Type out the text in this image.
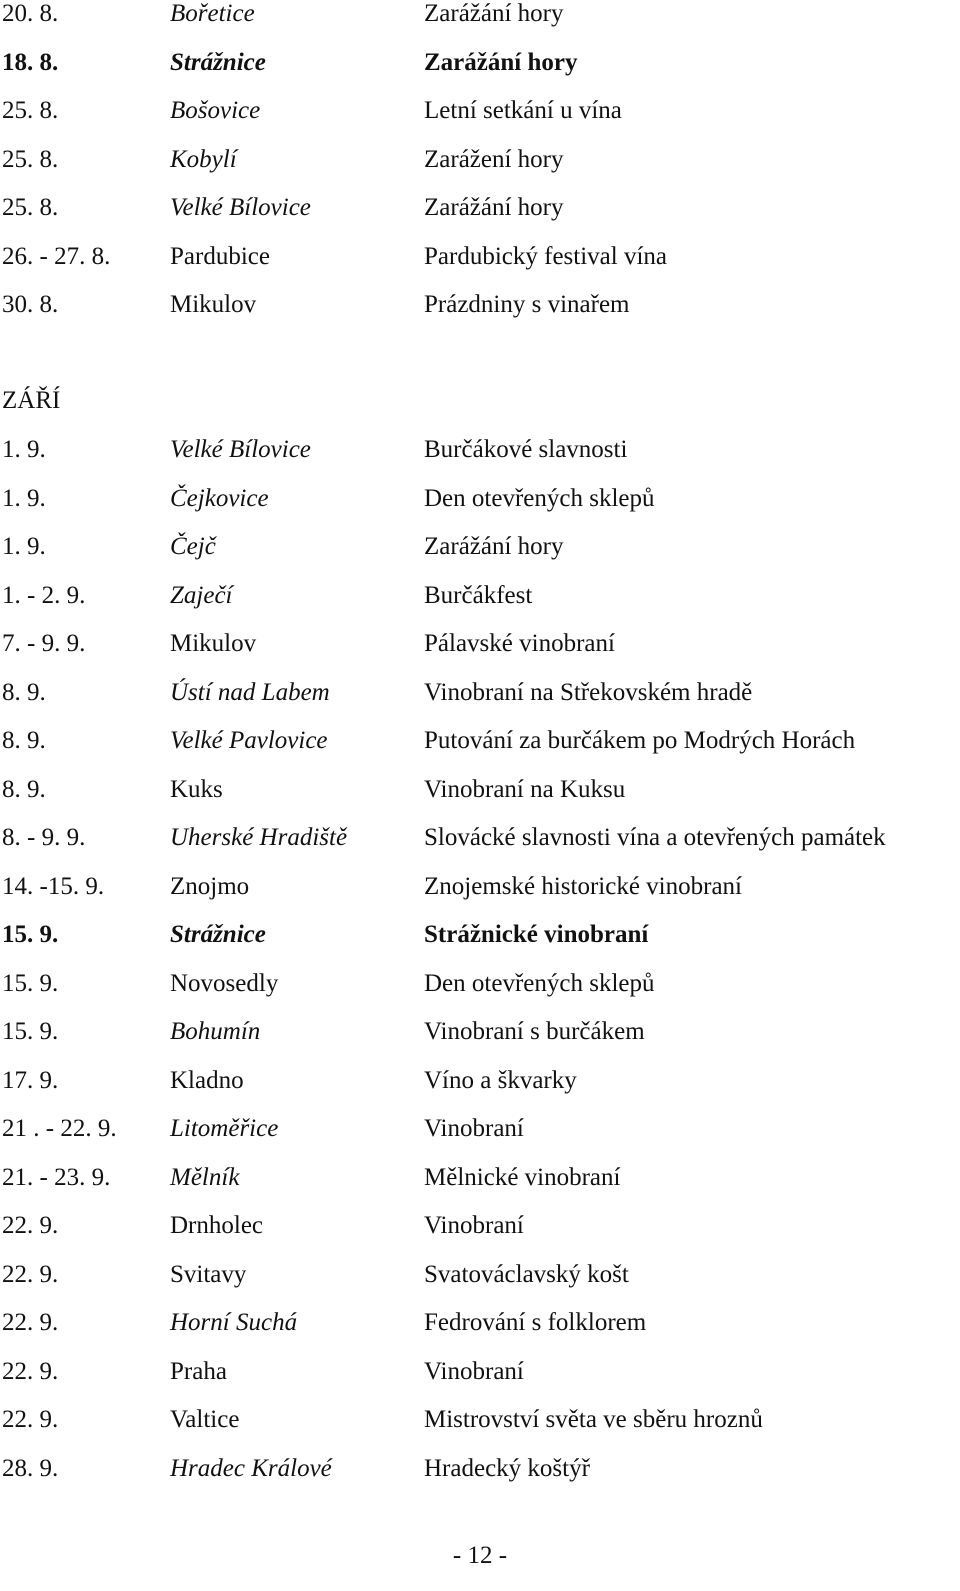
20. 8.	Bořetice	Zarážání hory
18. 8.	Strážnice	Zarážání hory
25. 8.	Bošovice	Letní setkání u vína
25. 8.	Kobylí	Zarážení hory
25. 8.	Velké Bílovice	Zarážání hory
26. - 27. 8. Pardubice	Pardubický festival vína
30. 8.	Mikulov	Prázdniny s vinařem
ZÁŘÍ
1. 9.	Velké Bílovice	Burčákové slavnosti
1. 9.	Čejkovice	Den otevřených sklepů
1. 9.	Čejč	Zarážání hory
1. - 2. 9.	Zaječí	Burčákfest
7. - 9. 9.	Mikulov	Pálavské vinobraní
8. 9.	Ústí nad Labem	Vinobraní na Střekovském hradě
8. 9.	Velké Pavlovice	Putování za burčákem po Modrých Horách
8. 9.	Kuks	Vinobraní na Kuksu
8. - 9. 9.	Uherské Hradiště	Slovácké slavnosti vína a otevřených památek
14. -15. 9.	Znojmo	Znojemské historické vinobraní
15. 9.	Strážnice	Strážnické vinobraní
15. 9.	Novosedly	Den otevřených sklepů
15. 9.	Bohumín	Vinobraní s burčákem
17. 9.	Kladno	Víno a škvarky
21 . - 22. 9. Litoměřice	Vinobraní
21. - 23. 9. Mělník	Mělnické vinobraní
22. 9.	Drnholec	Vinobraní
22. 9.	Svitavy	Svatováclavský košt
22. 9.	Horní Suchá	Fedrování s folklorem
22. 9.	Praha	Vinobraní
22. 9.	Valtice	Mistrovství světa ve sběru hroznů
28. 9.	Hradec Králové	Hradecký koštýř
- 12 -
